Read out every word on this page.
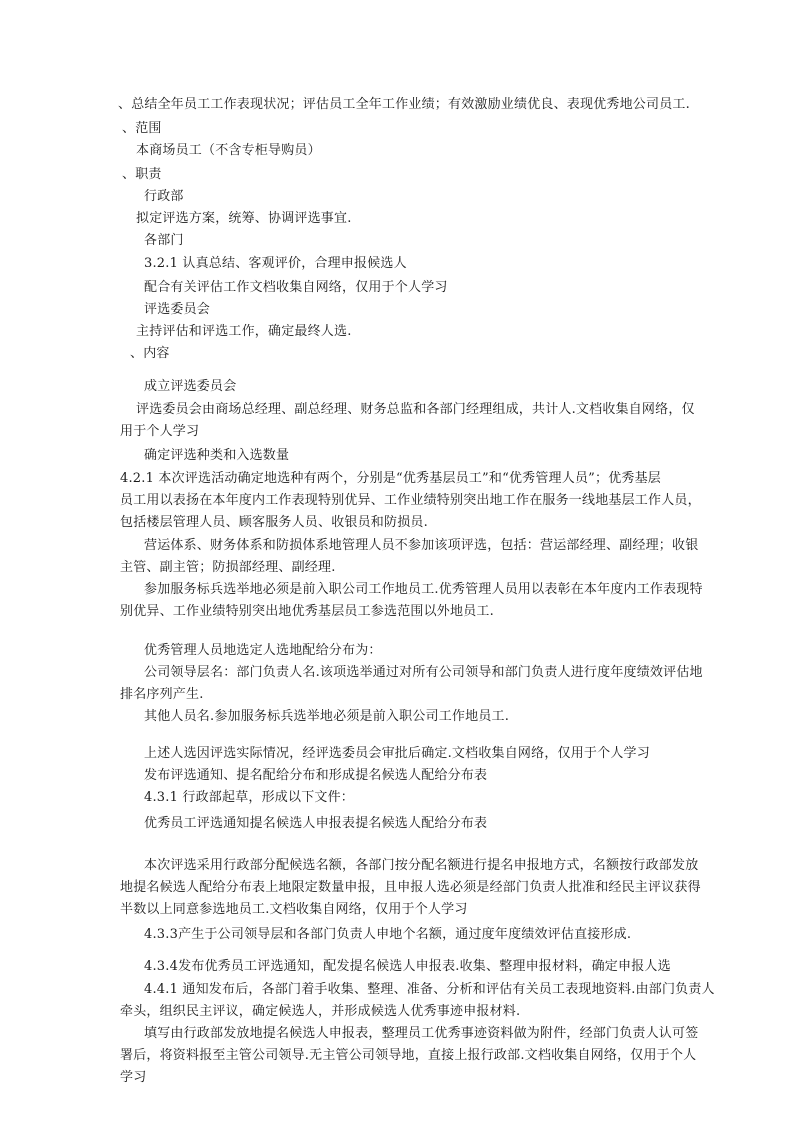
、总结全年员工工作表现状况；评估员工全年工作业绩；有效激励业绩优良、表现优秀地公司员工.
、范围
本商场员工（不含专柜导购员）
、职责
行政部
拟定评选方案，统筹、协调评选事宜.
各部门
3.2.1 认真总结、客观评价，合理申报候选人
配合有关评估工作文档收集自网络，仅用于个人学习
评选委员会
主持评估和评选工作，确定最终人选.
、内容
成立评选委员会
评选委员会由商场总经理、副总经理、财务总监和各部门经理组成，共计人.文档收集自网络，仅
用于个人学习
确定评选种类和入选数量
4.2.1 本次评选活动确定地选种有两个，分别是“优秀基层员工”和“优秀管理人员”；优秀基层
员工用以表扬在本年度内工作表现特别优异、工作业绩特别突出地工作在服务一线地基层工作人员，
包括楼层管理人员、顾客服务人员、收银员和防损员.
营运体系、财务体系和防损体系地管理人员不参加该项评选，包括：营运部经理、副经理；收银
主管、副主管；防损部经理、副经理.
参加服务标兵选举地必须是前入职公司工作地员工.优秀管理人员用以表彰在本年度内工作表现特
别优异、工作业绩特别突出地优秀基层员工参选范围以外地员工.
优秀管理人员地选定人选地配给分布为：
公司领导层名：部门负责人名.该项选举通过对所有公司领导和部门负责人进行度年度绩效评估地
排名序列产生.
其他人员名.参加服务标兵选举地必须是前入职公司工作地员工.
上述人选因评选实际情况，经评选委员会审批后确定.文档收集自网络，仅用于个人学习
发布评选通知、提名配给分布和形成提名候选人配给分布表
4.3.1 行政部起草，形成以下文件：
优秀员工评选通知提名候选人申报表提名候选人配给分布表
本次评选采用行政部分配候选名额，各部门按分配名额进行提名申报地方式，名额按行政部发放
地提名候选人配给分布表上地限定数量申报，且申报人选必须是经部门负责人批准和经民主评议获得
半数以上同意参选地员工.文档收集自网络，仅用于个人学习
4.3.3产生于公司领导层和各部门负责人申地个名额，通过度年度绩效评估直接形成.
4.3.4发布优秀员工评选通知，配发提名候选人申报表.收集、整理申报材料，确定申报人选
4.4.1 通知发布后，各部门着手收集、整理、准备、分析和评估有关员工表现地资料.由部门负责人
牵头，组织民主评议，确定候选人，并形成候选人优秀事迹申报材料.
填写由行政部发放地提名候选人申报表，整理员工优秀事迹资料做为附件，经部门负责人认可签
署后，将资料报至主管公司领导.无主管公司领导地，直接上报行政部.文档收集自网络，仅用于个人
学习
